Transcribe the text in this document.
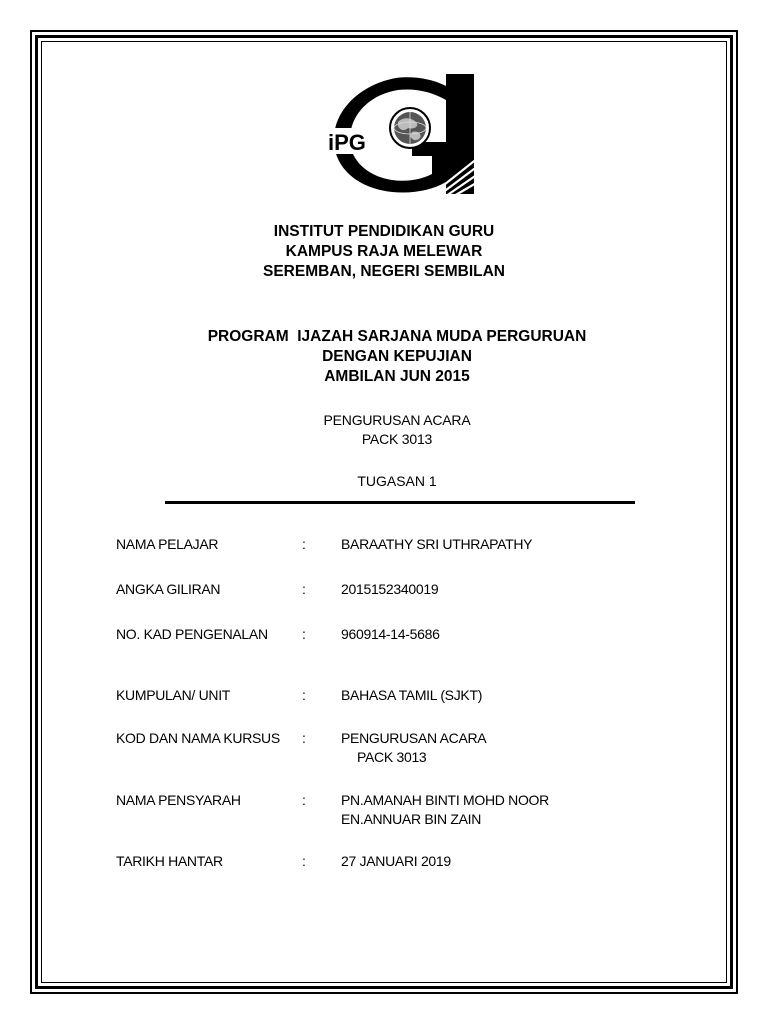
iPG
INSTITUT PENDIDIKAN GURU
KAMPUS RAJA MELEWAR
SEREMBAN, NEGERI SEMBILAN
PROGRAM  IJAZAH SARJANA MUDA PERGURUAN
DENGAN KEPUJIAN
AMBILAN JUN 2015
PENGURUSAN ACARA
PACK 3013
TUGASAN 1
NAMA PELAJAR	:	BARAATHY SRI UTHRAPATHY
ANGKA GILIRAN	:	2015152340019
NO. KAD PENGENALAN :	960914-14-5686
KUMPULAN/ UNIT	:	BAHASA TAMIL (SJKT)
KOD DAN NAMA KURSUS :	PENGURUSAN ACARA
PACK 3013
NAMA PENSYARAH	:	PN.AMANAH BINTI MOHD NOOR
EN.ANNUAR BIN ZAIN
TARIKH HANTAR	:	27 JANUARI 2019
